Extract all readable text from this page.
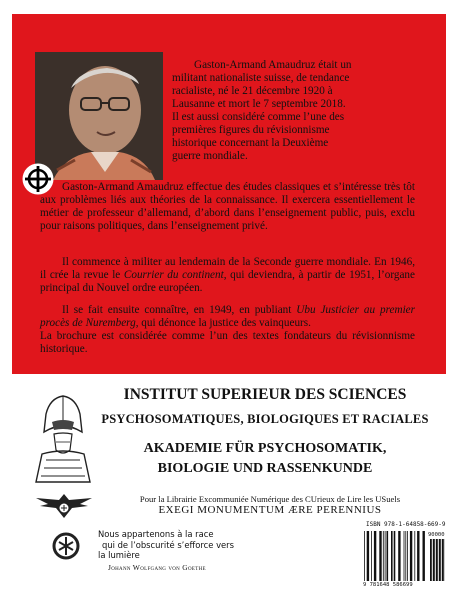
Gaston-Armand Amaudruz était un
militant nationaliste suisse, de tendance
racialiste, né le 21 décembre 1920 à
Lausanne et mort le 7 septembre 2018.
Il est aussi considéré comme l’une des
premières figures du révisionnisme
historique concernant la Deuxième
guerre mondiale.

Gaston-Armand Amaudruz effectue des études classiques et s’intéresse très tôt aux problèmes liés aux théories de la connaissance. Il exercera essentiellement le métier de professeur d’allemand, d’abord dans l’enseignement public, puis, exclu pour raisons politiques, dans l’enseignement privé.

Il commence à militer au lendemain de la Seconde guerre mondiale. En 1946, il crée la revue le Courrier du continent, qui deviendra, à partir de 1951, l’organe principal du Nouvel ordre européen.

Il se fait ensuite connaître, en 1949, en publiant Ubu Justicier au premier procès de Nuremberg, qui dénonce la justice des vainqueurs.
La brochure est considérée comme l’un des textes fondateurs du révisionnisme historique.

INSTITUT SUPERIEUR DES SCIENCES

PSYCHOSOMATIQUES, BIOLOGIQUES ET RACIALES

AKADEMIE FÜR PSYCHOSOMATIK,

BIOLOGIE UND RASSENKUNDE

Pour la Librairie Excommuniée Numérique des CUrieux de Lire les USuels

EXEGI MONUMENTUM ÆRE PERENNIUS

Nous appartenons à la race
qui de l’obscurité s’efforce vers
la lumière

Johann Wolfgang von Goethe

ISBN 978-1-64858-669-9

90000

9 781648 586699
